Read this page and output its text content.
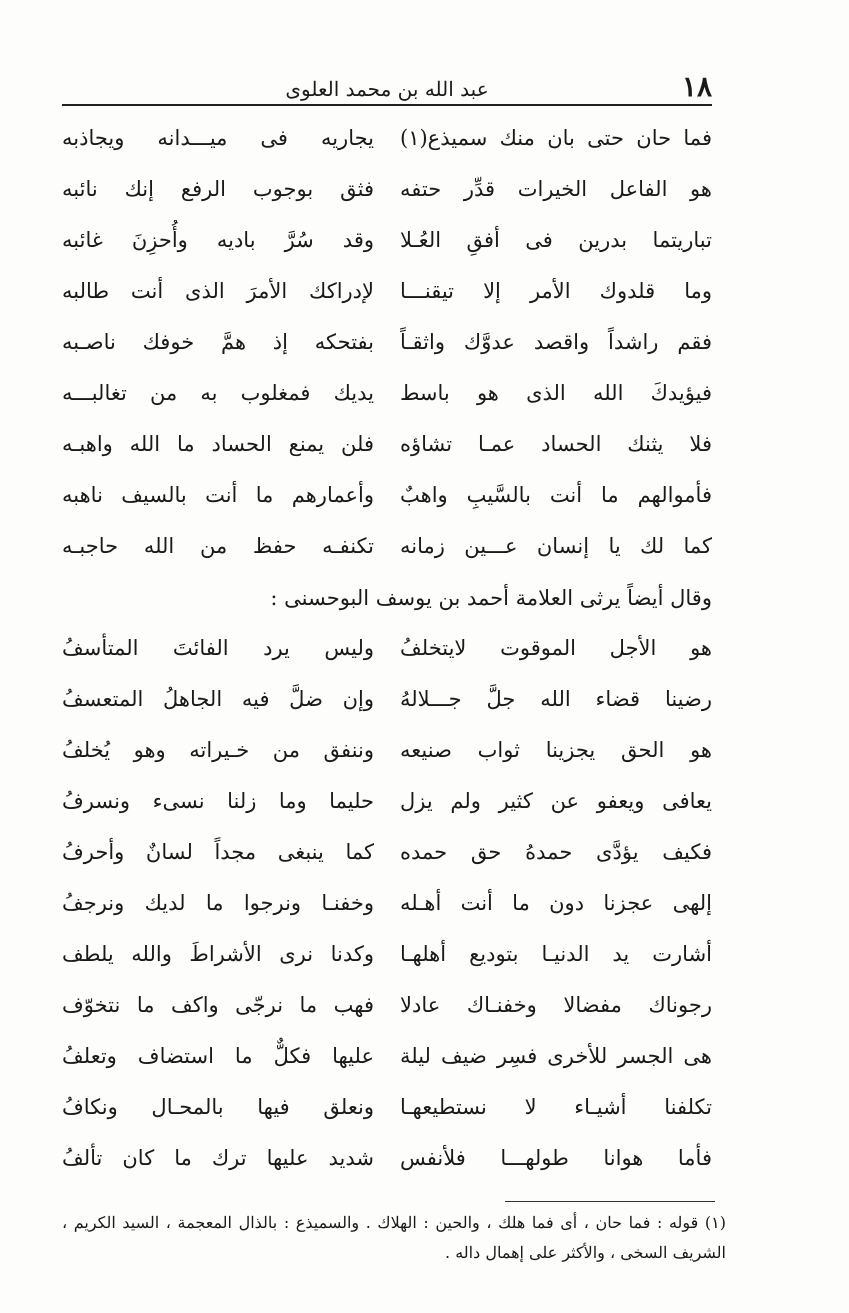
١٨
عبد الله بن محمد العلوى
فما حان حتى بان منك سميذع(١)
يجاريه فى ميـــدانه ويجاذبه
هو الفاعل الخيرات قدِّر حتفه
فثق بوجوب الرفع إنك نائبه
تباريتما بدرين فى أفقِ العُـلا
وقد سُرَّ باديه وأُحزِنَ غائبه
وما قلدوك الأمر إلا تيقنـــا
لإدراكك الأمرَ الذى أنت طالبه
فقم راشداً واقصد عدوَّك واثقـاً
بفتحكه إذ همَّ خوفك ناصـبه
فيؤيدكَ الله الذى هو باسط
يديك فمغلوب به من تغالبـــه
فلا يثنك الحساد عمـا تشاؤه
فلن يمنع الحساد ما الله واهبـه
فأموالهم ما أنت بالسَّيبِ واهبٌ
وأعمارهم ما أنت بالسيف ناهبه
كما لك يا إنسان عـــين زمانه
تكنفـه حفظ من الله حاجبـه
وقال أيضاً يرثى العلامة أحمد بن يوسف البوحسنى :
هو الأجل الموقوت لايتخلفُ
وليس يرد الفائتَ المتأسفُ
رضينا قضاء الله جلَّ جـــلالهُ
وإن ضلَّ فيه الجاهلُ المتعسفُ
هو الحق يجزينا ثواب صنيعه
وننفق من خـيراته وهو يُخلفُ
يعافى ويعفو عن كثير ولم يزل
حليما وما زلنا نسىء ونسرفُ
فكيف يؤدَّى حمدهُ حق حمده
كما ينبغى مجداً لسانٌ وأحرفُ
إلهى عجزنا دون ما أنت أهـله
وخفنـا ونرجوا ما لديك ونرجفُ
أشارت يد الدنيـا بتوديع أهلهـا
وكدنا نرى الأشراطَ والله يلطف
رجوناك مفضالا وخفنـاك عادلا
فهب ما نرجّى واكف ما نتخوّف
هى الجسر للأخرى فسِر ضيف ليلة
عليها فكلٌّ ما استضاف وتعلفُ
تكلفنا أشيـاء لا نستطيعهـا
ونعلق فيها بالمحـال ونكافُ
فأما هوانا طولهـــا فلأنفس
شديد عليها ترك ما كان تألفُ
(١) قوله : فما حان ، أى فما هلك ، والحين : الهلاك . والسميذع : بالذال المعجمة ، السيد الكريم ، الشريف السخى ، والأكثر على إهمال داله .
